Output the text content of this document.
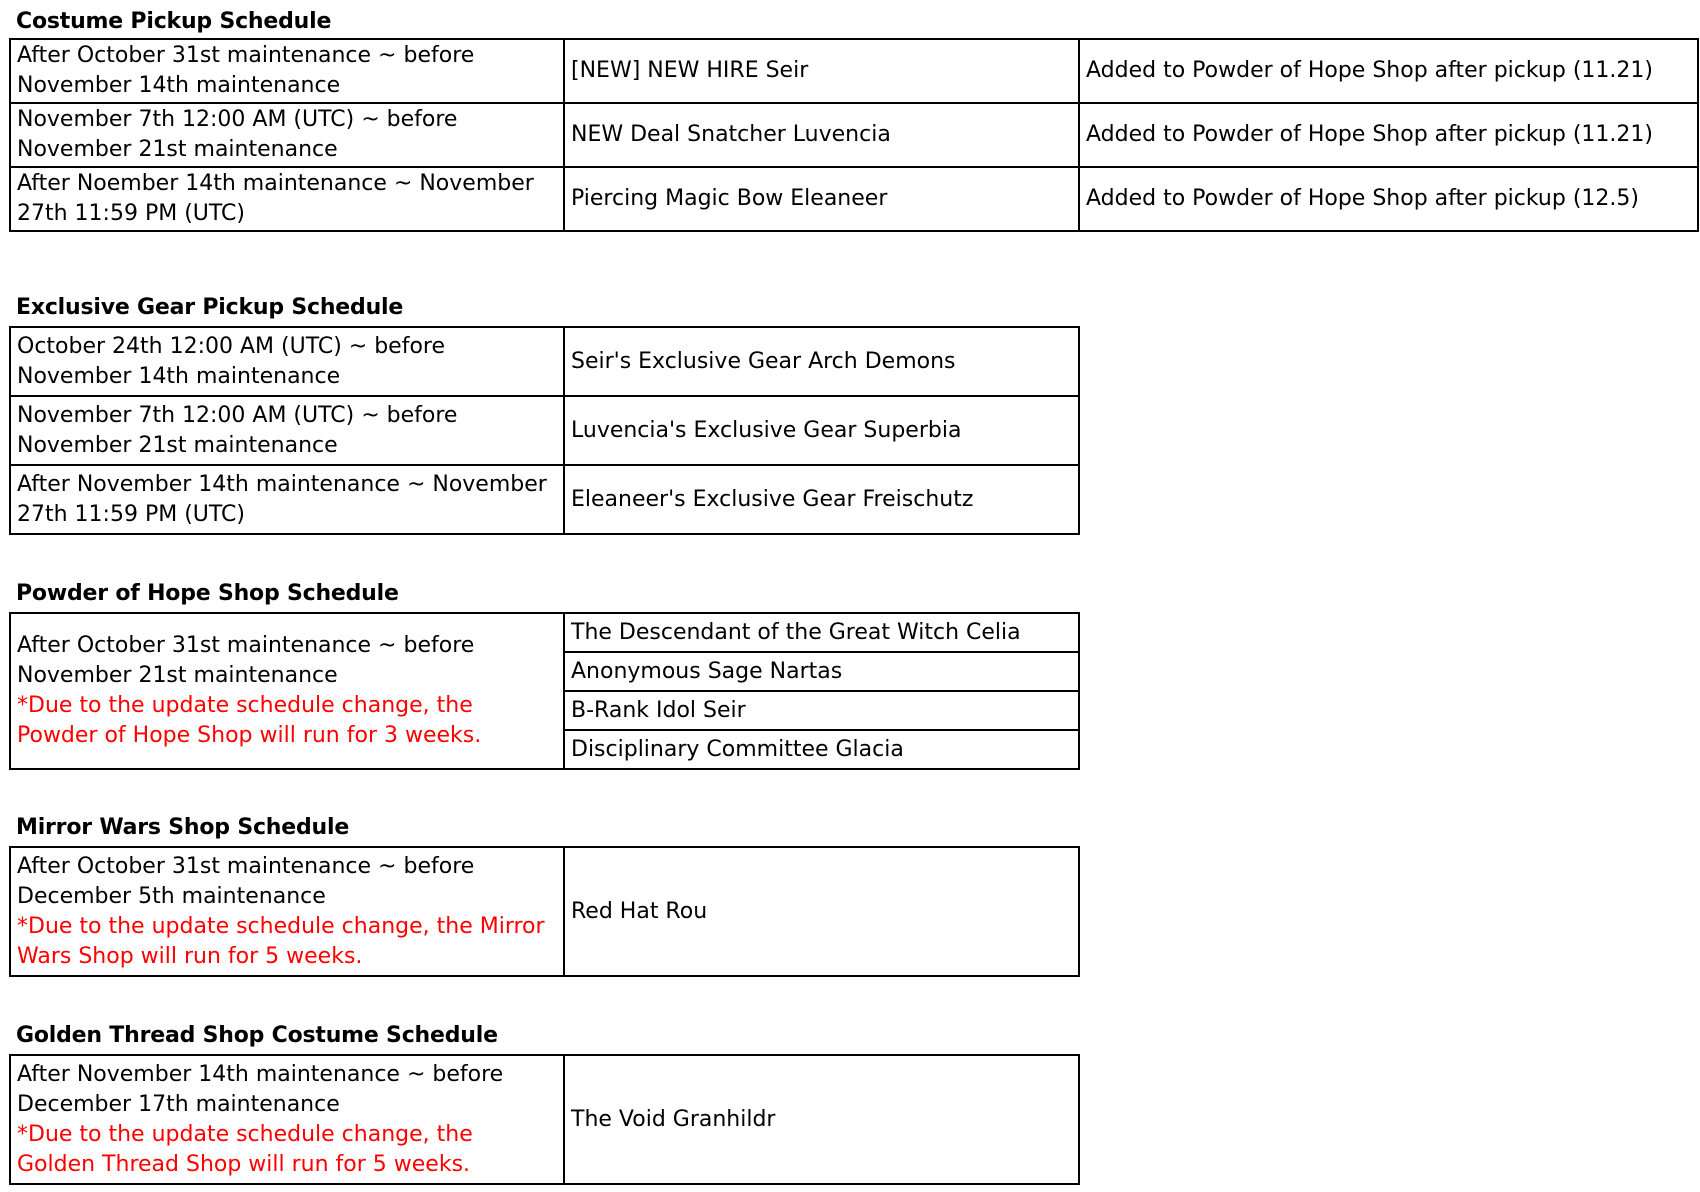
Costume Pickup Schedule
After October 31st maintenance ~ before November 14th maintenance	[NEW] NEW HIRE Seir	Added to Powder of Hope Shop after pickup (11.21)
November 7th 12:00 AM (UTC) ~ before November 21st maintenance	NEW Deal Snatcher Luvencia	Added to Powder of Hope Shop after pickup (11.21)
After Noember 14th maintenance ~ November 27th 11:59 PM (UTC)	Piercing Magic Bow Eleaneer	Added to Powder of Hope Shop after pickup (12.5)
Exclusive Gear Pickup Schedule
October 24th 12:00 AM (UTC) ~ before November 14th maintenance	Seir's Exclusive Gear Arch Demons
November 7th 12:00 AM (UTC) ~ before November 21st maintenance	Luvencia's Exclusive Gear Superbia
After November 14th maintenance ~ November 27th 11:59 PM (UTC)	Eleaneer's Exclusive Gear Freischutz
Powder of Hope Shop Schedule
After October 31st maintenance ~ before November 21st maintenance
*Due to the update schedule change, the Powder of Hope Shop will run for 3 weeks.
	The Descendant of the Great Witch Celia
Anonymous Sage Nartas
B-Rank Idol Seir
Disciplinary Committee Glacia
Mirror Wars Shop Schedule
After October 31st maintenance ~ before December 5th maintenance
*Due to the update schedule change, the Mirror Wars Shop will run for 5 weeks.
	Red Hat Rou
Golden Thread Shop Costume Schedule
After November 14th maintenance ~ before December 17th maintenance
*Due to the update schedule change, the Golden Thread Shop will run for 5 weeks.
	The Void Granhildr
